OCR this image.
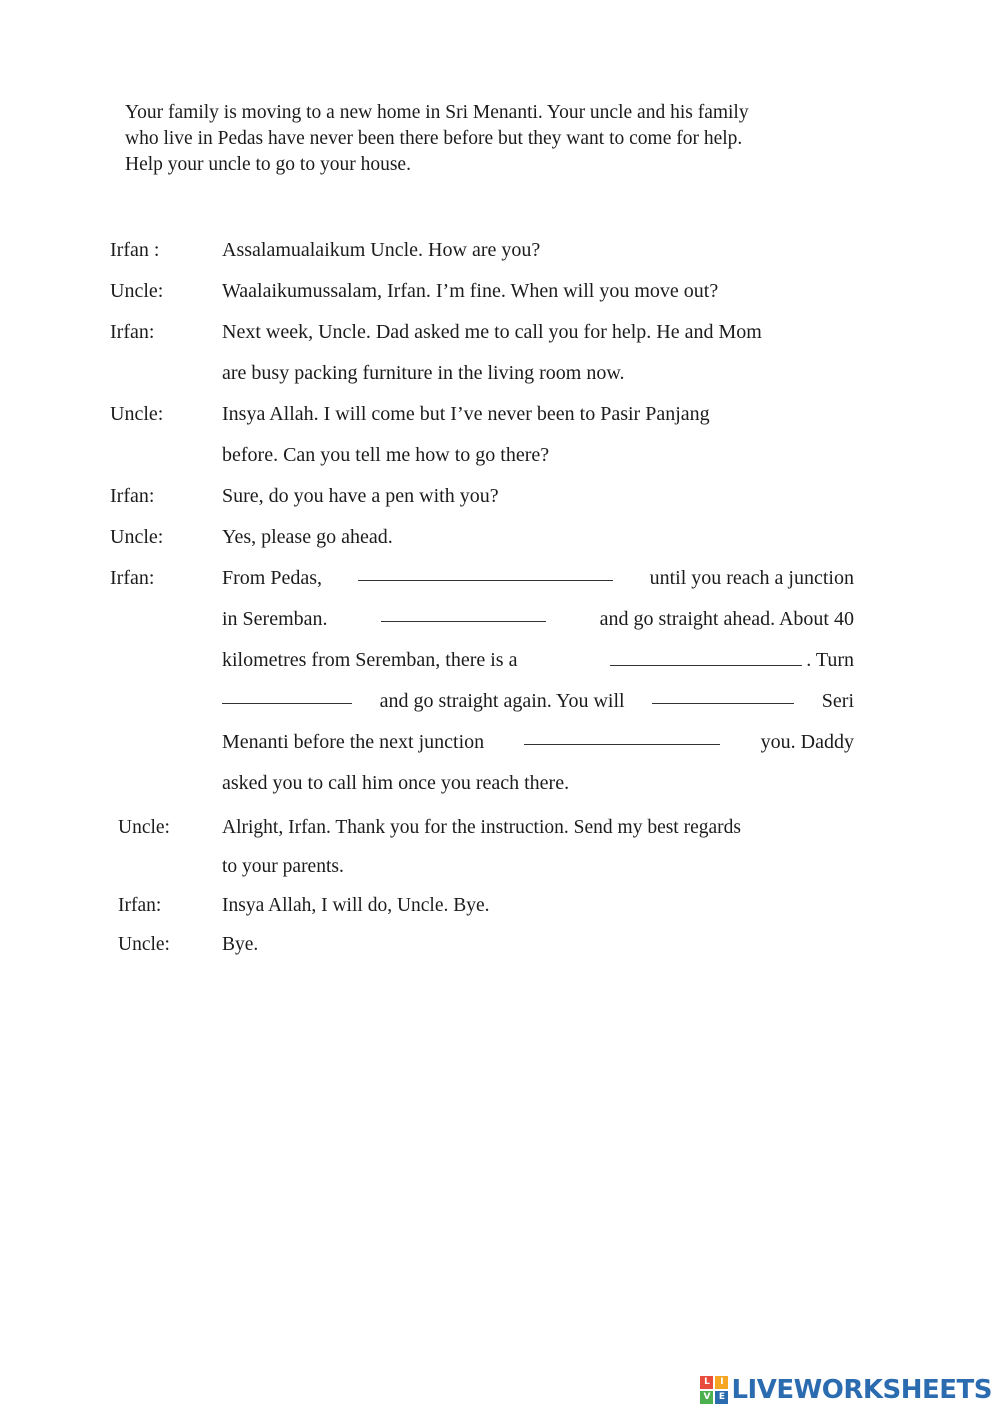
Your family is moving to a new home in Sri Menanti. Your uncle and his family

who live in Pedas have never been there before but they want to come for help.

Help your uncle to go to your house.

Irfan :	Assalamualaikum Uncle. How are you?
Uncle:	Waalaikumussalam, Irfan. I’m fine. When will you move out?
Irfan:	Next week, Uncle. Dad asked me to call you for help. He and Mom
are busy packing furniture in the living room now.
Uncle:	Insya Allah. I will come but I’ve never been to Pasir Panjang
before. Can you tell me how to go there?
Irfan:	Sure, do you have a pen with you?
Uncle:	Yes, please go ahead.
Irfan:	From Pedas,	until you reach a junction
in Seremban.	and go straight ahead. About 40
kilometres from Seremban, there is a	. Turn
and go straight again. You will	Seri
Menanti before the next junction	you. Daddy
asked you to call him once you reach there.
Uncle:	Alright, Irfan. Thank you for the instruction. Send my best regards
to your parents.
Irfan:	Insya Allah, I will do, Uncle. Bye.
Uncle:	Bye.
L	I
V E LIVEWORKSHEETS
